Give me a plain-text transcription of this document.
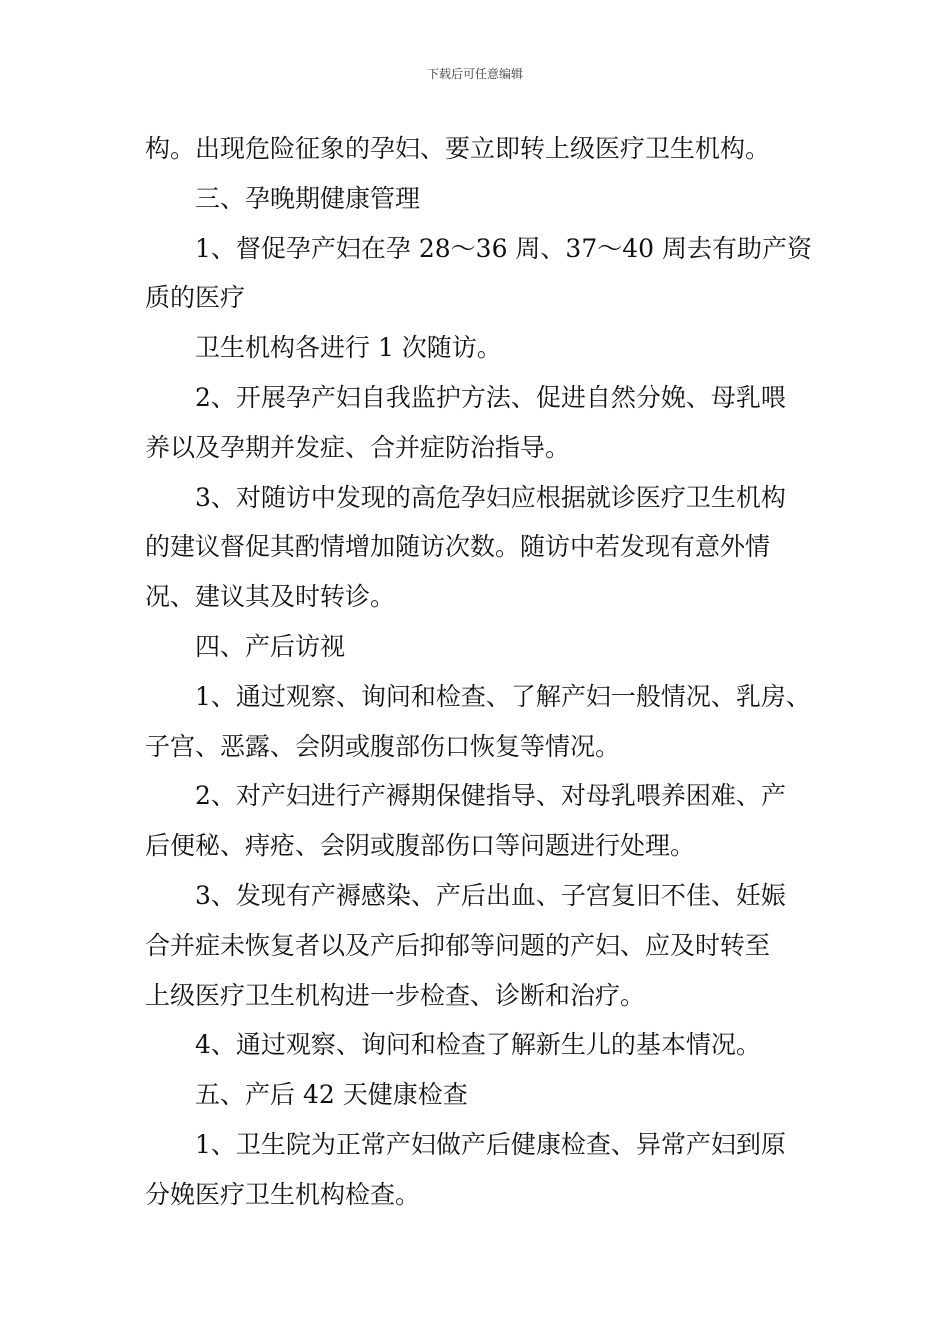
下载后可任意编辑
构。出现危险征象的孕妇、要立即转上级医疗卫生机构。
三、孕晚期健康管理
1、督促孕产妇在孕 28～36 周、37～40 周去有助产资
质的医疗
卫生机构各进行 1 次随访。
2、开展孕产妇自我监护方法、促进自然分娩、母乳喂
养以及孕期并发症、合并症防治指导。
3、对随访中发现的高危孕妇应根据就诊医疗卫生机构
的建议督促其酌情增加随访次数。随访中若发现有意外情
况、建议其及时转诊。
四、产后访视
1、通过观察、询问和检查、了解产妇一般情况、乳房、
子宫、恶露、会阴或腹部伤口恢复等情况。
2、对产妇进行产褥期保健指导、对母乳喂养困难、产
后便秘、痔疮、会阴或腹部伤口等问题进行处理。
3、发现有产褥感染、产后出血、子宫复旧不佳、妊娠
合并症未恢复者以及产后抑郁等问题的产妇、应及时转至
上级医疗卫生机构进一步检查、诊断和治疗。
4、通过观察、询问和检查了解新生儿的基本情况。
五、产后 42 天健康检查
1、卫生院为正常产妇做产后健康检查、异常产妇到原
分娩医疗卫生机构检查。
